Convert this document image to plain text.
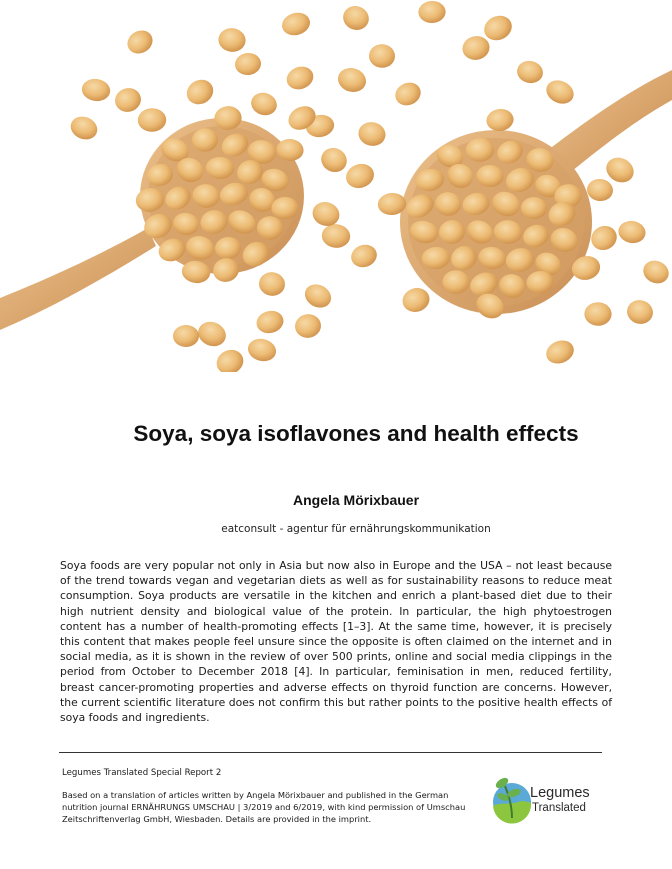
Soya, soya isoflavones and health effects
Angela Mörixbauer
eatconsult - agentur für ernährungskommunikation

Soya foods are very popular not only in Asia but now also in Europe and the USA – not least because of the trend towards vegan and vegetarian diets as well as for sustainability reasons to reduce meat consumption. Soya products are versatile in the kitchen and enrich a plant-based diet due to their high nutrient density and biological value of the protein. In particular, the high phytoestrogen content has a number of health-promoting effects [1–3]. At the same time, however, it is precisely this content that makes people feel unsure since the opposite is often claimed on the internet and in social media, as it is shown in the review of over 500 prints, online and social media clippings in the period from October to December 2018 [4]. In particular, feminisation in men, reduced fertility, breast cancer-promoting properties and adverse effects on thyroid function are concerns. However, the current scientific literature does not confirm this but rather points to the positive health effects of soya foods and ingredients.

Legumes Translated Special Report 2

Based on a translation of articles written by Angela Mörixbauer and published in the German nutrition journal ERNÄHRUNGS UMSCHAU | 3/2019 and 6/2019, with kind permission of Umschau Zeitschriftenverlag GmbH, Wiesbaden. Details are provided in the imprint.

Legumes
Translated
